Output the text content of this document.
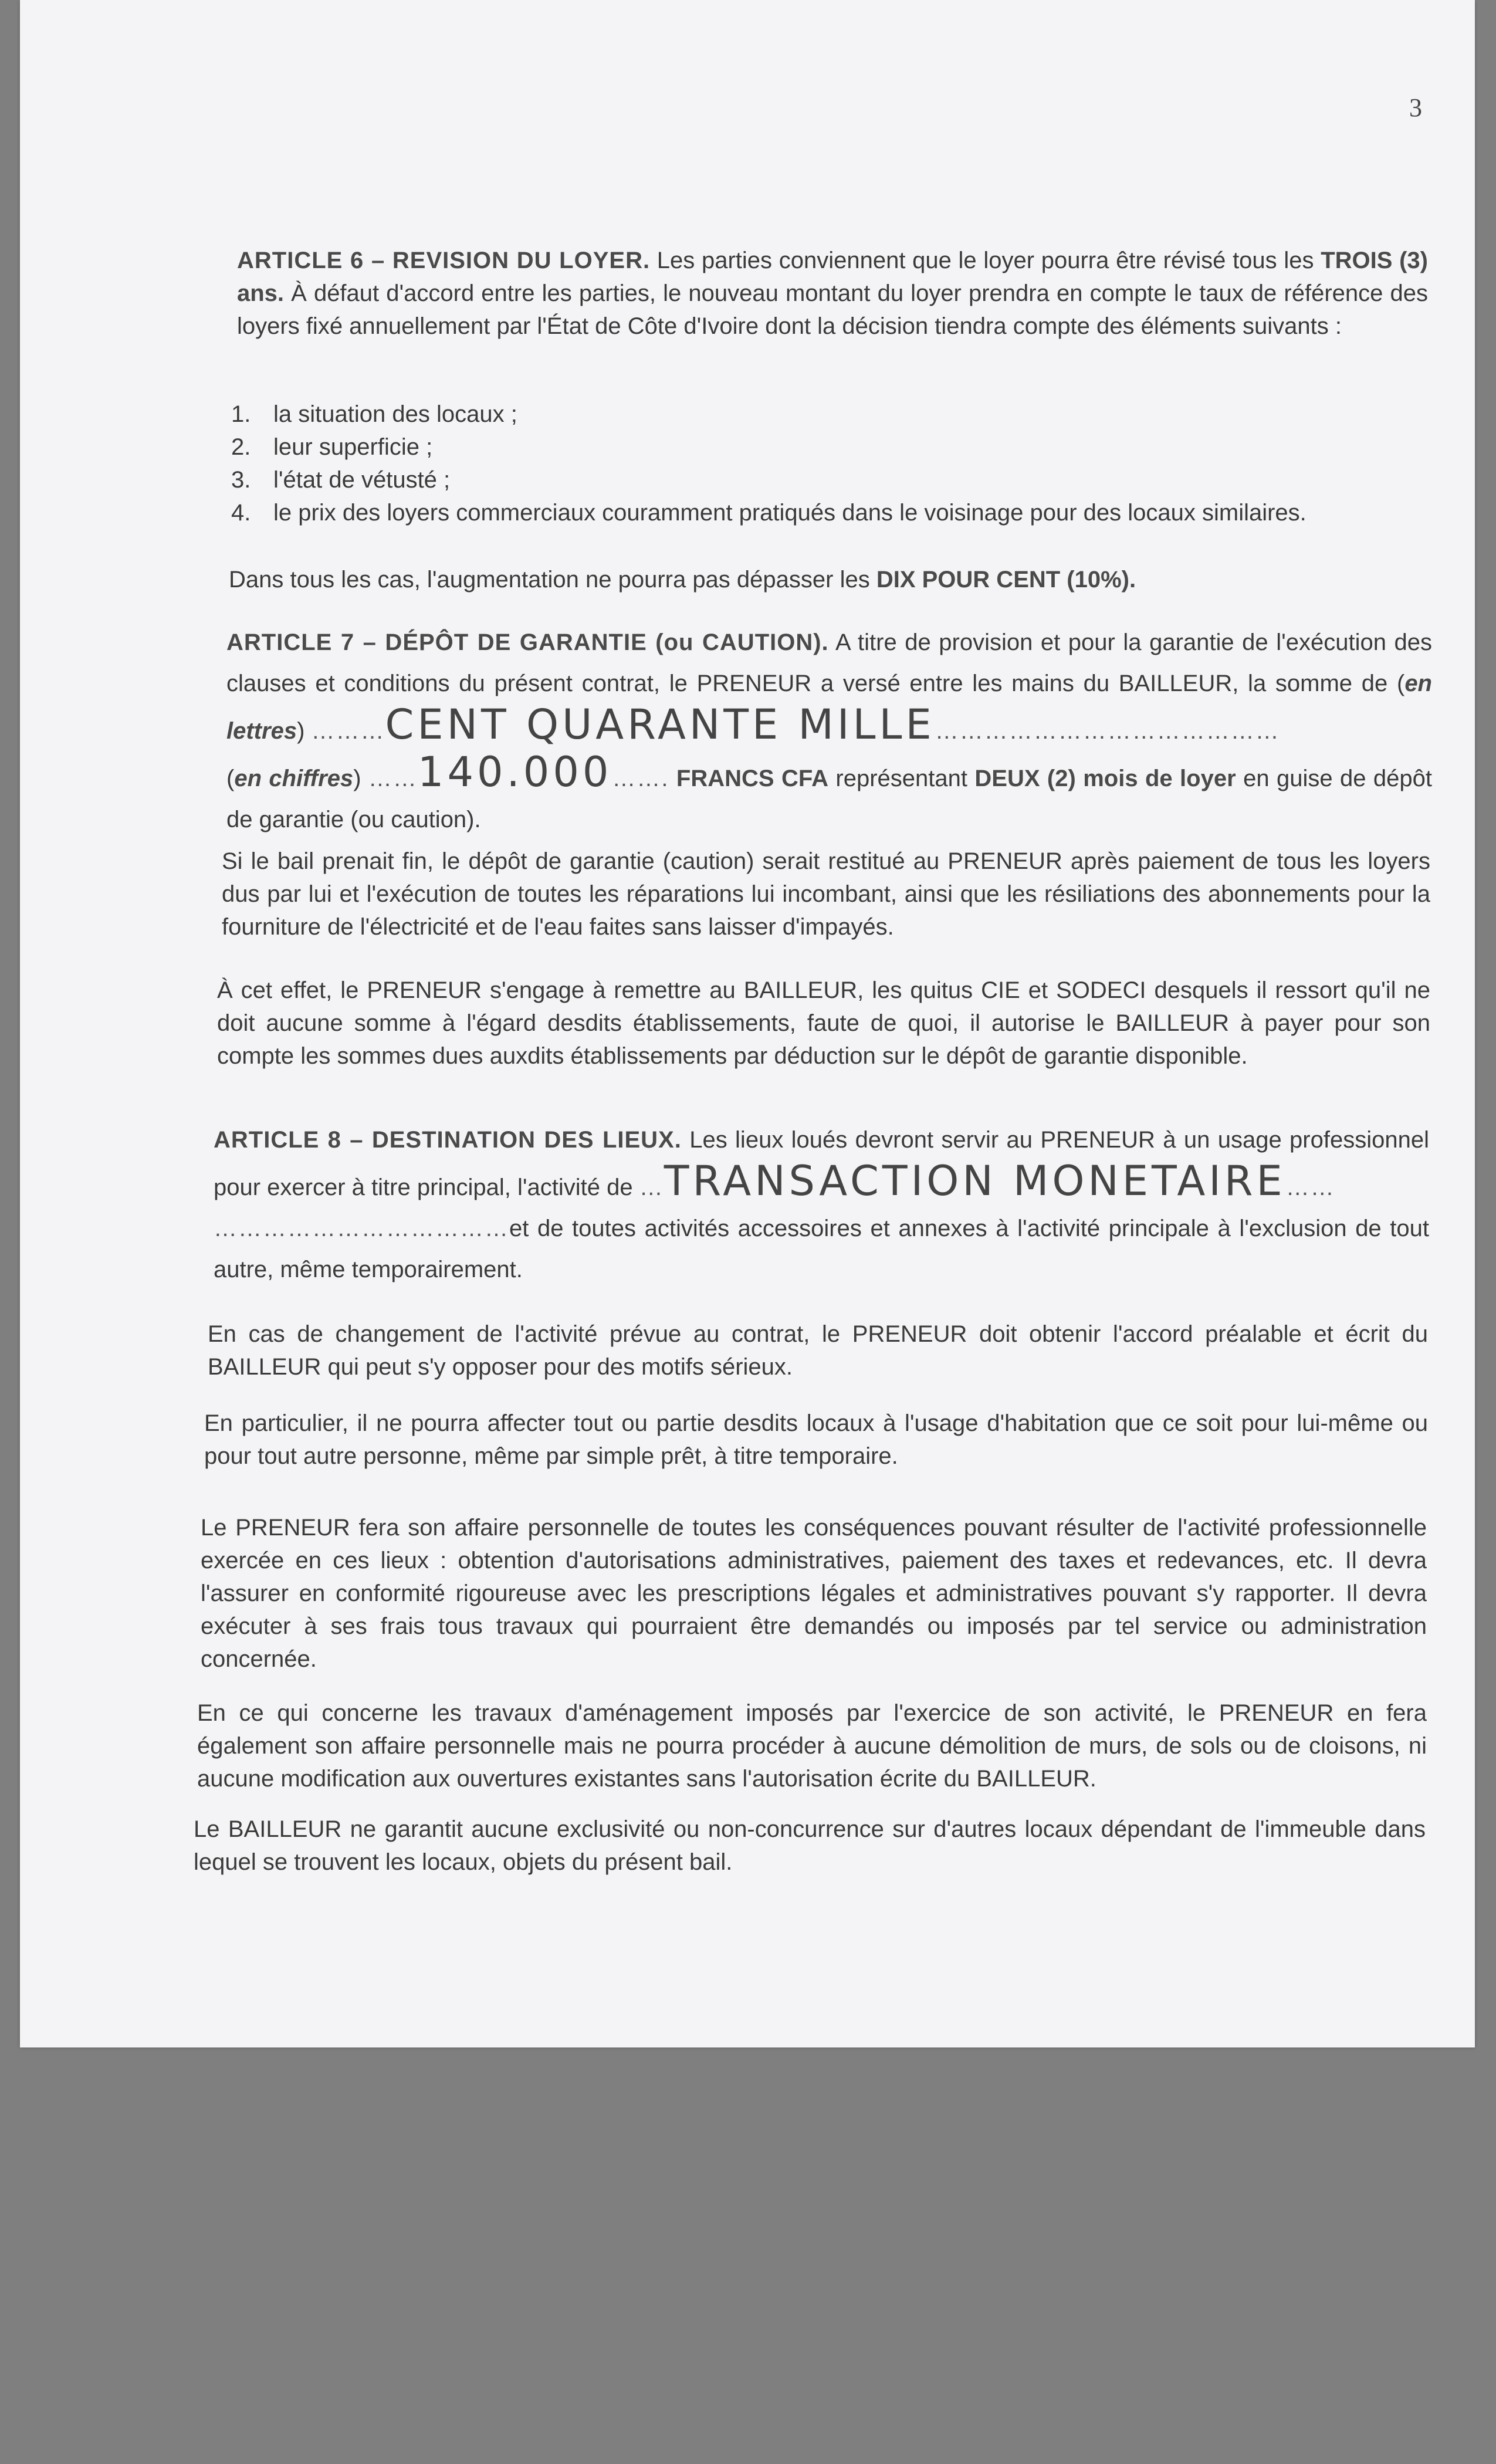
3
ARTICLE 6 – REVISION DU LOYER. Les parties conviennent que le loyer pourra être révisé tous les TROIS (3) ans. À défaut d'accord entre les parties, le nouveau montant du loyer prendra en compte le taux de référence des loyers fixé annuellement par l'État de Côte d'Ivoire dont la décision tiendra compte des éléments suivants :
1. la situation des locaux ;
2. leur superficie ;
3. l'état de vétusté ;
4. le prix des loyers commerciaux couramment pratiqués dans le voisinage pour des locaux similaires.
Dans tous les cas, l'augmentation ne pourra pas dépasser les DIX POUR CENT (10%).
ARTICLE 7 – DÉPÔT DE GARANTIE (ou CAUTION). A titre de provision et pour la garantie de l'exécution des clauses et conditions du présent contrat, le PRENEUR a versé entre les mains du BAILLEUR, la somme de (en lettres) ………CENT QUARANTE MILLE……………………………………
(en chiffres) ……140.000……. FRANCS CFA représentant DEUX (2) mois de loyer en guise de dépôt de garantie (ou caution).
Si le bail prenait fin, le dépôt de garantie (caution) serait restitué au PRENEUR après paiement de tous les loyers dus par lui et l'exécution de toutes les réparations lui incombant, ainsi que les résiliations des abonnements pour la fourniture de l'électricité et de l'eau faites sans laisser d'impayés.
À cet effet, le PRENEUR s'engage à remettre au BAILLEUR, les quitus CIE et SODECI desquels il ressort qu'il ne doit aucune somme à l'égard desdits établissements, faute de quoi, il autorise le BAILLEUR à payer pour son compte les sommes dues auxdits établissements par déduction sur le dépôt de garantie disponible.
ARTICLE 8 – DESTINATION DES LIEUX. Les lieux loués devront servir au PRENEUR à un usage professionnel pour exercer à titre principal, l'activité de …TRANSACTION MONETAIRE……
………………………………et de toutes activités accessoires et annexes à l'activité principale à l'exclusion de tout autre, même temporairement.
En cas de changement de l'activité prévue au contrat, le PRENEUR doit obtenir l'accord préalable et écrit du BAILLEUR qui peut s'y opposer pour des motifs sérieux.
En particulier, il ne pourra affecter tout ou partie desdits locaux à l'usage d'habitation que ce soit pour lui-même ou pour tout autre personne, même par simple prêt, à titre temporaire.
Le PRENEUR fera son affaire personnelle de toutes les conséquences pouvant résulter de l'activité professionnelle exercée en ces lieux : obtention d'autorisations administratives, paiement des taxes et redevances, etc. Il devra l'assurer en conformité rigoureuse avec les prescriptions légales et administratives pouvant s'y rapporter. Il devra exécuter à ses frais tous travaux qui pourraient être demandés ou imposés par tel service ou administration concernée.
En ce qui concerne les travaux d'aménagement imposés par l'exercice de son activité, le PRENEUR en fera également son affaire personnelle mais ne pourra procéder à aucune démolition de murs, de sols ou de cloisons, ni aucune modification aux ouvertures existantes sans l'autorisation écrite du BAILLEUR.
Le BAILLEUR ne garantit aucune exclusivité ou non-concurrence sur d'autres locaux dépendant de l'immeuble dans lequel se trouvent les locaux, objets du présent bail.
